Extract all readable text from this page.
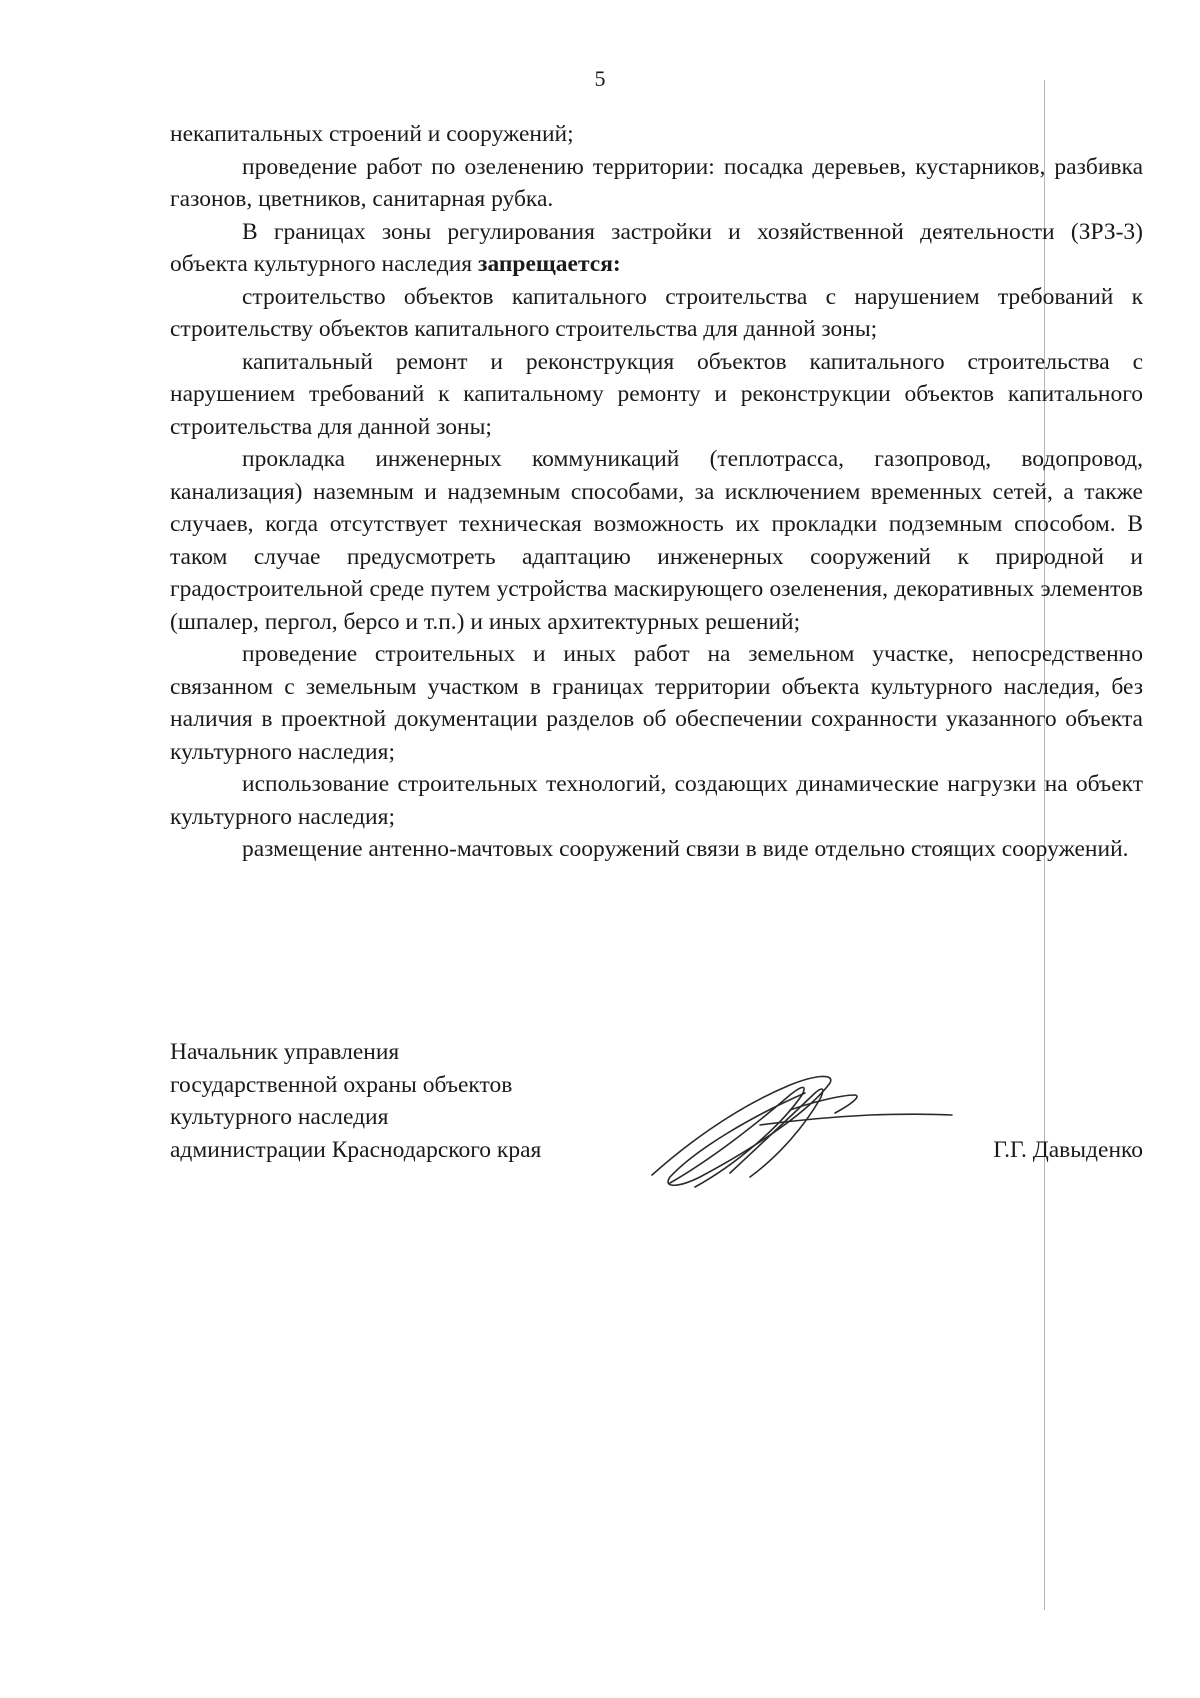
5

некапитальных строений и сооружений;

проведение работ по озеленению территории: посадка деревьев, кустарников, разбивка газонов, цветников, санитарная рубка.

В границах зоны регулирования застройки и хозяйственной деятельности (ЗРЗ-3) объекта культурного наследия запрещается:

строительство объектов капитального строительства с нарушением требований к строительству объектов капитального строительства для данной зоны;

капитальный ремонт и реконструкция объектов капитального строительства с нарушением требований к капитальному ремонту и реконструкции объектов капитального строительства для данной зоны;

прокладка инженерных коммуникаций (теплотрасса, газопровод, водопровод, канализация) наземным и надземным способами, за исключением временных сетей, а также случаев, когда отсутствует техническая возможность их прокладки подземным способом. В таком случае предусмотреть адаптацию инженерных сооружений к природной и градостроительной среде путем устройства маскирующего озеленения, декоративных элементов (шпалер, пергол, берсо и т.п.) и иных архитектурных решений;

проведение строительных и иных работ на земельном участке, непосредственно связанном с земельным участком в границах территории объекта культурного наследия, без наличия в проектной документации разделов об обеспечении сохранности указанного объекта культурного наследия;

использование строительных технологий, создающих динамические нагрузки на объект культурного наследия;

размещение антенно-мачтовых сооружений связи в виде отдельно стоящих сооружений.

Начальник управления
государственной охраны объектов
культурного наследия
администрации Краснодарского края	Г.Г. Давыденко
